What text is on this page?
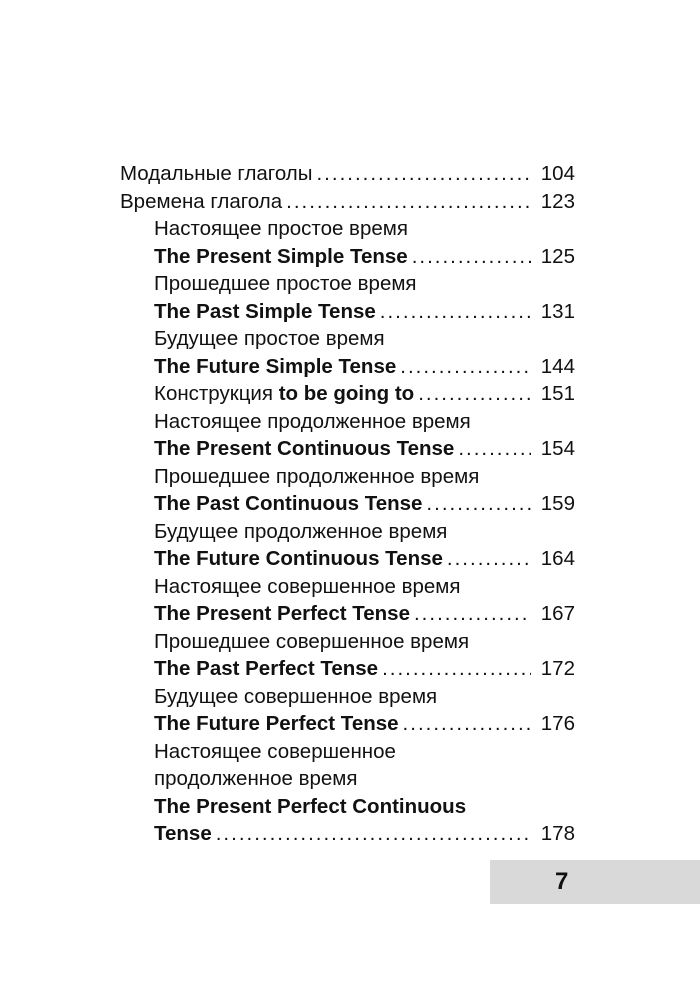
Модальные глаголы .....	104
Времена глагола .....	123
Настоящее простое время
The Present Simple Tense .....	125
Прошедшее простое время
The Past Simple Tense .....	131
Будущее простое время
The Future Simple Tense .....	144
Конструкция to be going to .....	151
Настоящее продолженное время
The Present Continuous Tense .....	154
Прошедшее продолженное время
The Past Continuous Tense .....	159
Будущее продолженное время
The Future Continuous Tense .....	164
Настоящее совершенное время
The Present Perfect Tense .....	167
Прошедшее совершенное время
The Past Perfect Tense .....	172
Будущее совершенное время
The Future Perfect Tense .....	176
Настоящее совершенное
продолженное время
The Present Perfect Continuous
Tense .....	178
7
